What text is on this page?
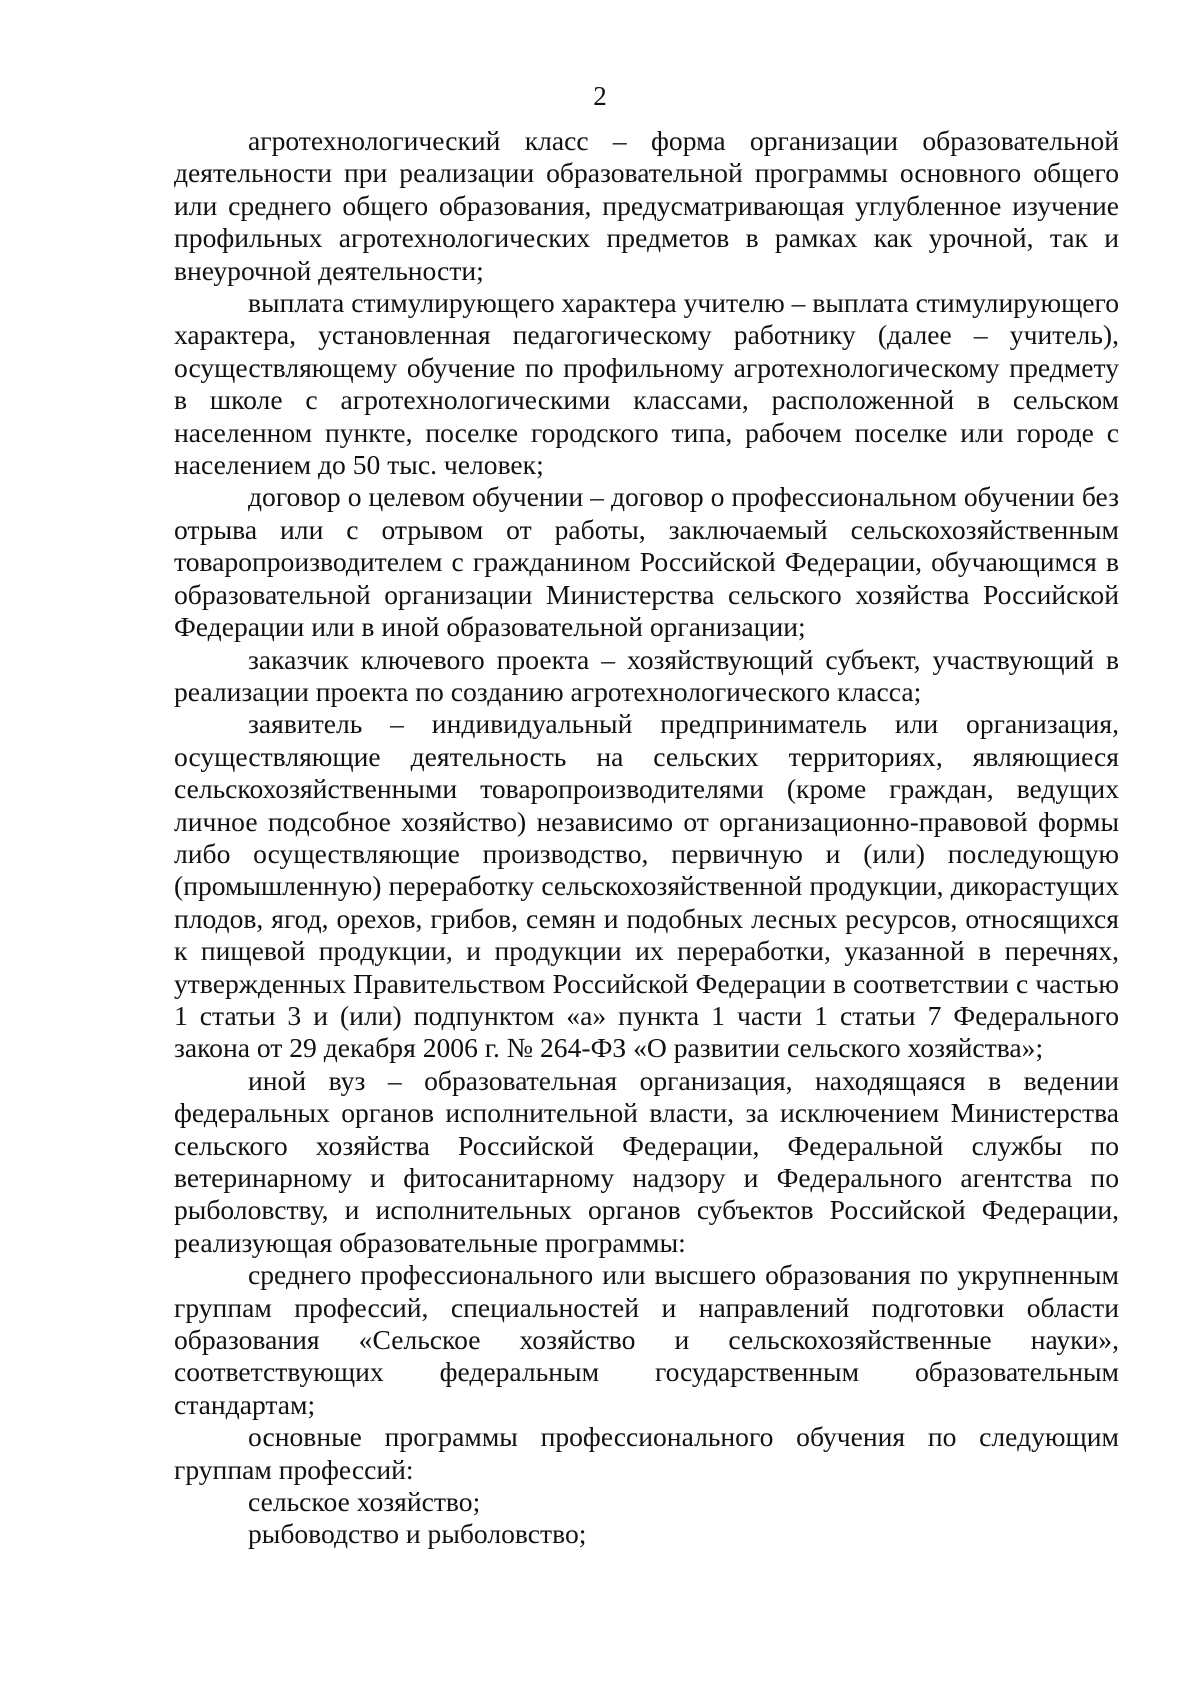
2

агротехнологический класс – форма организации образовательной деятельности при реализации образовательной программы основного общего или среднего общего образования, предусматривающая углубленное изучение профильных агротехнологических предметов в рамках как урочной, так и внеурочной деятельности;

выплата стимулирующего характера учителю – выплата стимулирующего характера, установленная педагогическому работнику (далее – учитель), осуществляющему обучение по профильному агротехнологическому предмету в школе с агротехнологическими классами, расположенной в сельском населенном пункте, поселке городского типа, рабочем поселке или городе с населением до 50 тыс. человек;

договор о целевом обучении – договор о профессиональном обучении без отрыва или с отрывом от работы, заключаемый сельскохозяйственным товаропроизводителем с гражданином Российской Федерации, обучающимся в образовательной организации Министерства сельского хозяйства Российской Федерации или в иной образовательной организации;

заказчик ключевого проекта – хозяйствующий субъект, участвующий в реализации проекта по созданию агротехнологического класса;

заявитель – индивидуальный предприниматель или организация, осуществляющие деятельность на сельских территориях, являющиеся сельскохозяйственными товаропроизводителями (кроме граждан, ведущих личное подсобное хозяйство) независимо от организационно-правовой формы либо осуществляющие производство, первичную и (или) последующую (промышленную) переработку сельскохозяйственной продукции, дикорастущих плодов, ягод, орехов, грибов, семян и подобных лесных ресурсов, относящихся к пищевой продукции, и продукции их переработки, указанной в перечнях, утвержденных Правительством Российской Федерации в соответствии с частью 1 статьи 3 и (или) подпунктом «а» пункта 1 части 1 статьи 7 Федерального закона от 29 декабря 2006 г. № 264-ФЗ «О развитии сельского хозяйства»;

иной вуз – образовательная организация, находящаяся в ведении федеральных органов исполнительной власти, за исключением Министерства сельского хозяйства Российской Федерации, Федеральной службы по ветеринарному и фитосанитарному надзору и Федерального агентства по рыболовству, и исполнительных органов субъектов Российской Федерации, реализующая образовательные программы:

среднего профессионального или высшего образования по укрупненным группам профессий, специальностей и направлений подготовки области образования «Сельское хозяйство и сельскохозяйственные науки», соответствующих федеральным государственным образовательным стандартам;

основные программы профессионального обучения по следующим группам профессий:

сельское хозяйство;

рыбоводство и рыболовство;
